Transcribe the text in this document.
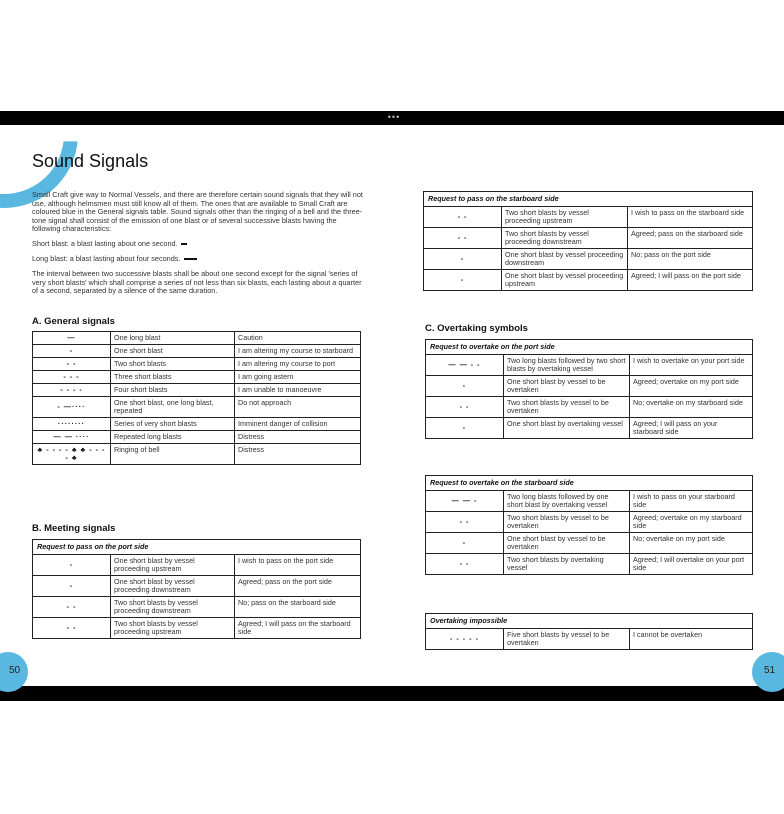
•••
50	51
Sound Signals

Small Craft give way to Normal Vessels, and there are therefore certain sound signals that they will not use, although helmsmen must still know all of them. The ones that are available to Small Craft are coloured blue in the General signals table. Sound signals other than the ringing of a bell and the three-tone signal shall consist of the emission of one blast or of several successive blasts having the following characteristics:

Short blast: a blast lasting about one second.

Long blast: a blast lasting about four seconds.

The interval between two successive blasts shall be about one second except for the signal 'series of very short blasts' which shall comprise a series of not less than six blasts, each lasting about a quarter of a second, separated by a silence of the same duration.

A. General signals
—	One long blast	Caution
-	One short blast	I am altering my course to starboard
- -	Two short blasts	I am altering my course to port
- - -	Three short blasts	I am going astern
- - - -	Four short blasts	I am unable to manoeuvre
- —····	One short blast, one long blast, repeated	Do not approach
········	Series of very short blasts	Imminent danger of collision
— — ····	Repeated long blasts	Distress
♣ - - - - ♣ ♣ - - - - ♣	Ringing of bell	Distress
B. Meeting signals
Request to pass on the port side		
-	One short blast by vessel proceeding upstream	I wish to pass on the port side
-	One short blast by vessel proceeding downstream	Agreed; pass on the port side
- -	Two short blasts by vessel proceeding downstream	No; pass on the starboard side
- -	Two short blasts by vessel proceeding upstream	Agreed; I will pass on the starboard side
Request to pass on the starboard side		
- -	Two short blasts by vessel proceeding upstream	I wish to pass on the starboard side
- -	Two short blasts by vessel proceeding downstream	Agreed; pass on the starboard side
-	One short blast by vessel proceeding downstream	No; pass on the port side
-	One short blast by vessel proceeding upstream	Agreed; I will pass on the port side
C. Overtaking symbols
Request to overtake on the port side		
— — - -	Two long blasts followed by two short blasts by overtaking vessel	I wish to overtake on your port side
-	One short blast by vessel to be overtaken	Agreed; overtake on my port side
- -	Two short blasts by vessel to be overtaken	No; overtake on my starboard side
-	One short blast by overtaking vessel	Agreed; I will pass on your starboard side
Request to overtake on the starboard side		
— — -	Two long blasts followed by one short blast by overtaking vessel	I wish to pass on your starboard side
- -	Two short blasts by vessel to be overtaken	Agreed; overtake on my starboard side
-	One short blast by vessel to be overtaken	No; overtake on my port side
- -	Two short blasts by overtaking vessel	Agreed; I will overtake on your port side
Overtaking impossible
- - - - -	Five short blasts by vessel to be overtaken	I cannot be overtaken
